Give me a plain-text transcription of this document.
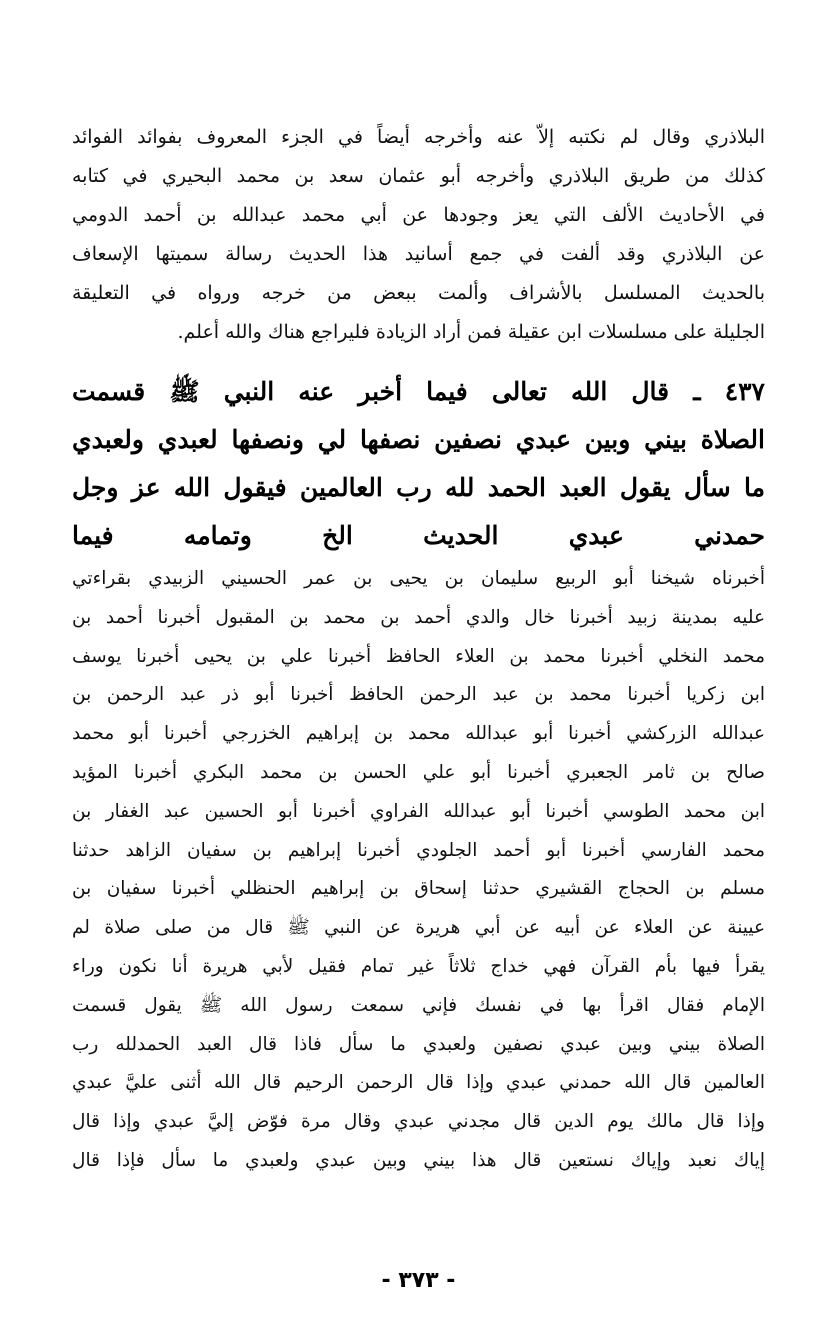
البلاذري وقال لم نكتبه إلاّ عنه وأخرجه أيضاً في الجزء المعروف بفوائد الفوائد
كذلك من طريق البلاذري وأخرجه أبو عثمان سعد بن محمد البحيري في كتابه
في الأحاديث الألف التي يعز وجودها عن أبي محمد عبدالله بن أحمد الدومي
عن البلاذري وقد ألفت في جمع أسانيد هذا الحديث رسالة سميتها الإسعاف
بالحديث المسلسل بالأشراف وألمت ببعض من خرجه ورواه في التعليقة
الجليلة على مسلسلات ابن عقيلة فمن أراد الزيادة فليراجع هناك والله أعلم.
٤٣٧ ـ قال الله تعالى فيما أخبر عنه النبي ﷺ قسمت
الصلاة بيني وبين عبدي نصفين نصفها لي ونصفها لعبدي ولعبدي
ما سأل يقول العبد الحمد لله رب العالمين فيقول الله عز وجل
حمدني عبدي الحديث الخ وتمامه فيما
أخبرناه شيخنا أبو الربيع سليمان بن يحيى بن عمر الحسيني الزبيدي بقراءتي
عليه بمدينة زبيد أخبرنا خال والدي أحمد بن محمد بن المقبول أخبرنا أحمد بن
محمد النخلي أخبرنا محمد بن العلاء الحافظ أخبرنا علي بن يحيى أخبرنا يوسف
ابن زكريا أخبرنا محمد بن عبد الرحمن الحافظ أخبرنا أبو ذر عبد الرحمن بن
عبدالله الزركشي أخبرنا أبو عبدالله محمد بن إبراهيم الخزرجي أخبرنا أبو محمد
صالح بن ثامر الجعبري أخبرنا أبو علي الحسن بن محمد البكري أخبرنا المؤيد
ابن محمد الطوسي أخبرنا أبو عبدالله الفراوي أخبرنا أبو الحسين عبد الغفار بن
محمد الفارسي أخبرنا أبو أحمد الجلودي أخبرنا إبراهيم بن سفيان الزاهد حدثنا
مسلم بن الحجاج القشيري حدثنا إسحاق بن إبراهيم الحنظلي أخبرنا سفيان بن
عيينة عن العلاء عن أبيه عن أبي هريرة عن النبي ﷺ قال من صلى صلاة لم
يقرأ فيها بأم القرآن فهي خداج ثلاثاً غير تمام فقيل لأبي هريرة أنا نكون وراء
الإمام فقال اقرأ بها في نفسك فإني سمعت رسول الله ﷺ يقول قسمت
الصلاة بيني وبين عبدي نصفين ولعبدي ما سأل فاذا قال العبد الحمدلله رب
العالمين قال الله حمدني عبدي وإذا قال الرحمن الرحيم قال الله أثنى عليَّ عبدي
وإذا قال مالك يوم الدين قال مجدني عبدي وقال مرة فوّض إليَّ عبدي وإذا قال
إياك نعبد وإياك نستعين قال هذا بيني وبين عبدي ولعبدي ما سأل فإذا قال
- ٣٧٣ -
